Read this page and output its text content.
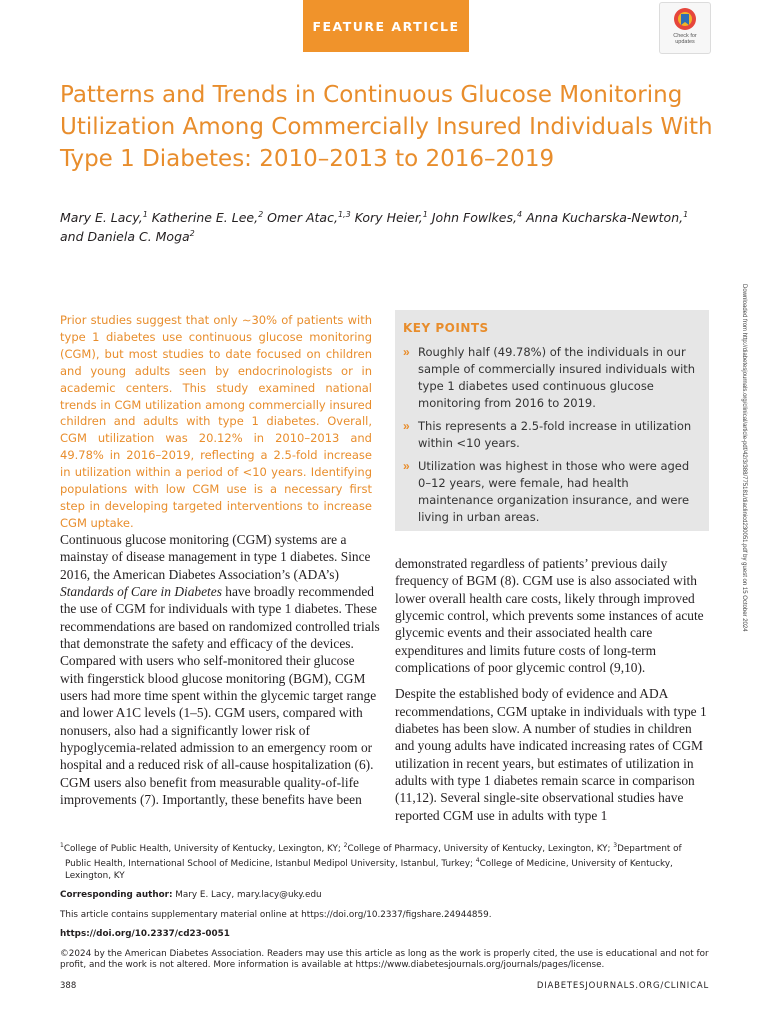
FEATURE ARTICLE
Check for
updates
Patterns and Trends in Continuous Glucose Monitoring Utilization Among Commercially Insured Individuals With Type 1 Diabetes: 2010–2013 to 2016–2019

Mary E. Lacy,$^1$ Katherine E. Lee,$^2$ Omer Atac,$^{1,3}$ Kory Heier,$^1$ John Fowlkes,$^4$ Anna Kucharska-Newton,$^1$ and Daniela C. Moga$^2$

Downloaded from http://diabetesjournals.org/clinical/article-pdf/42/3/388/775181/diaclinicd230051.pdf by guest on 15 October 2024

Prior studies suggest that only ∼30% of patients with type 1 diabetes use continuous glucose monitoring (CGM), but most studies to date focused on children and young adults seen by endocrinologists or in academic centers. This study examined national trends in CGM utilization among commercially insured children and adults with type 1 diabetes. Overall, CGM utilization was 20.12% in 2010–2013 and 49.78% in 2016–2019, reflecting a 2.5-fold increase in utilization within a period of <10 years. Identifying populations with low CGM use is a necessary first step in developing targeted interventions to increase CGM uptake.

KEY POINTS
» Roughly half (49.78%) of the individuals in our sample of commercially insured individuals with type 1 diabetes used continuous glucose monitoring from 2016 to 2019.
» This represents a 2.5-fold increase in utilization within <10 years.
» Utilization was highest in those who were aged 0–12 years, were female, had health maintenance organization insurance, and were living in urban areas.

Continuous glucose monitoring (CGM) systems are a mainstay of disease management in type 1 diabetes. Since 2016, the American Diabetes Association’s (ADA’s) Standards of Care in Diabetes have broadly recommended the use of CGM for individuals with type 1 diabetes. These recommendations are based on randomized controlled trials that demonstrate the safety and efficacy of the devices. Compared with users who self-monitored their glucose with fingerstick blood glucose monitoring (BGM), CGM users had more time spent within the glycemic target range and lower A1C levels (1–5). CGM users, compared with nonusers, also had a significantly lower risk of hypoglycemia-related admission to an emergency room or hospital and a reduced risk of all-cause hospitalization (6). CGM users also benefit from measurable quality-of-life improvements (7). Importantly, these benefits have been

demonstrated regardless of patients’ previous daily frequency of BGM (8). CGM use is also associated with lower overall health care costs, likely through improved glycemic control, which prevents some instances of acute glycemic events and their associated health care expenditures and limits future costs of long-term complications of poor glycemic control (9,10).

Despite the established body of evidence and ADA recommendations, CGM uptake in individuals with type 1 diabetes has been slow. A number of studies in children and young adults have indicated increasing rates of CGM utilization in recent years, but estimates of utilization in adults with type 1 diabetes remain scarce in comparison (11,12). Several single-site observational studies have reported CGM use in adults with type 1

$^1$College of Public Health, University of Kentucky, Lexington, KY; $^2$College of Pharmacy, University of Kentucky, Lexington, KY; $^3$Department of Public Health, International School of Medicine, Istanbul Medipol University, Istanbul, Turkey; $^4$College of Medicine, University of Kentucky, Lexington, KY
Corresponding author: Mary E. Lacy, mary.lacy@uky.edu
This article contains supplementary material online at https://doi.org/10.2337/figshare.24944859.
https://doi.org/10.2337/cd23-0051
©2024 by the American Diabetes Association. Readers may use this article as long as the work is properly cited, the use is educational and not for profit, and the work is not altered. More information is available at https://www.diabetesjournals.org/journals/pages/license.
388	DIABETESJOURNALS.ORG/CLINICAL
